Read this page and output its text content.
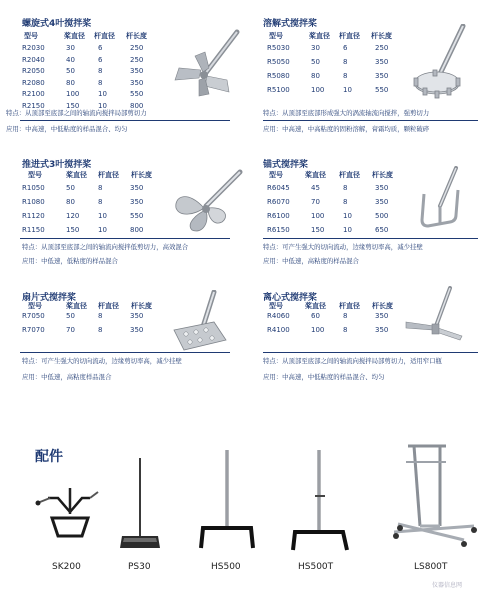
螺旋式4叶搅拌桨
型号	桨直径 杆直径 杆长度
溶解式搅拌桨
型号	桨直径 杆直径 杆长度
R2030	30	6	250
R2040	40	6	250
R2050	50	8	350
R2080	80	8	350
R2100	100	10	550
R2150	150	10	800
R5030	30	6	250
R5050	50	8	350
R5080	80	8	350
R5100	100	10	550
R1050	50	8	350
R1080	80	8	350
R1120	120	10	550
R1150	150	10	800
R6045	45	8	350
R6070	70	8	350
R6100	100	10	500
R6150	150	10	650
R7050	50	8	350
R7070	70	8	350
R4060	60	8	350
R4100	100	8	350
特点：从顶部至底部之间的轴流向搅拌局部剪切力
应用：中高速，中低粘度的样品混合、均匀
特点：从顶部至底部形成强大的涡流轴流向搅拌，强剪切力
应用：中高速，中高粘度的固粉溶解，膏霜均质，颗粒破碎
推进式3叶搅拌桨
型号	桨直径 杆直径 杆长度
锚式搅拌桨
型号	桨直径 杆直径 杆长度
特点：从顶部至底部之间的轴流向搅拌低剪切力，高效混合
应用：中低速，低粘度的样品混合
特点：可产生强大的切向流动，边缘剪切率高，减少挂壁
应用：中低速，高粘度的样品混合
扇片式搅拌桨
型号	桨直径 杆直径 杆长度
离心式搅拌桨
型号	桨直径 杆直径 杆长度
特点：可产生强大的切向流动，边缘剪切率高，减少挂壁
应用：中低速，高粘度样品混合
特点：从顶部至底部之间的轴流向搅拌局部剪切力，适用窄口瓶
应用：中高速，中低粘度的样品混合、均匀
配件
SK200	PS30	HS500	HS500T	LS800T
仪器信息网
